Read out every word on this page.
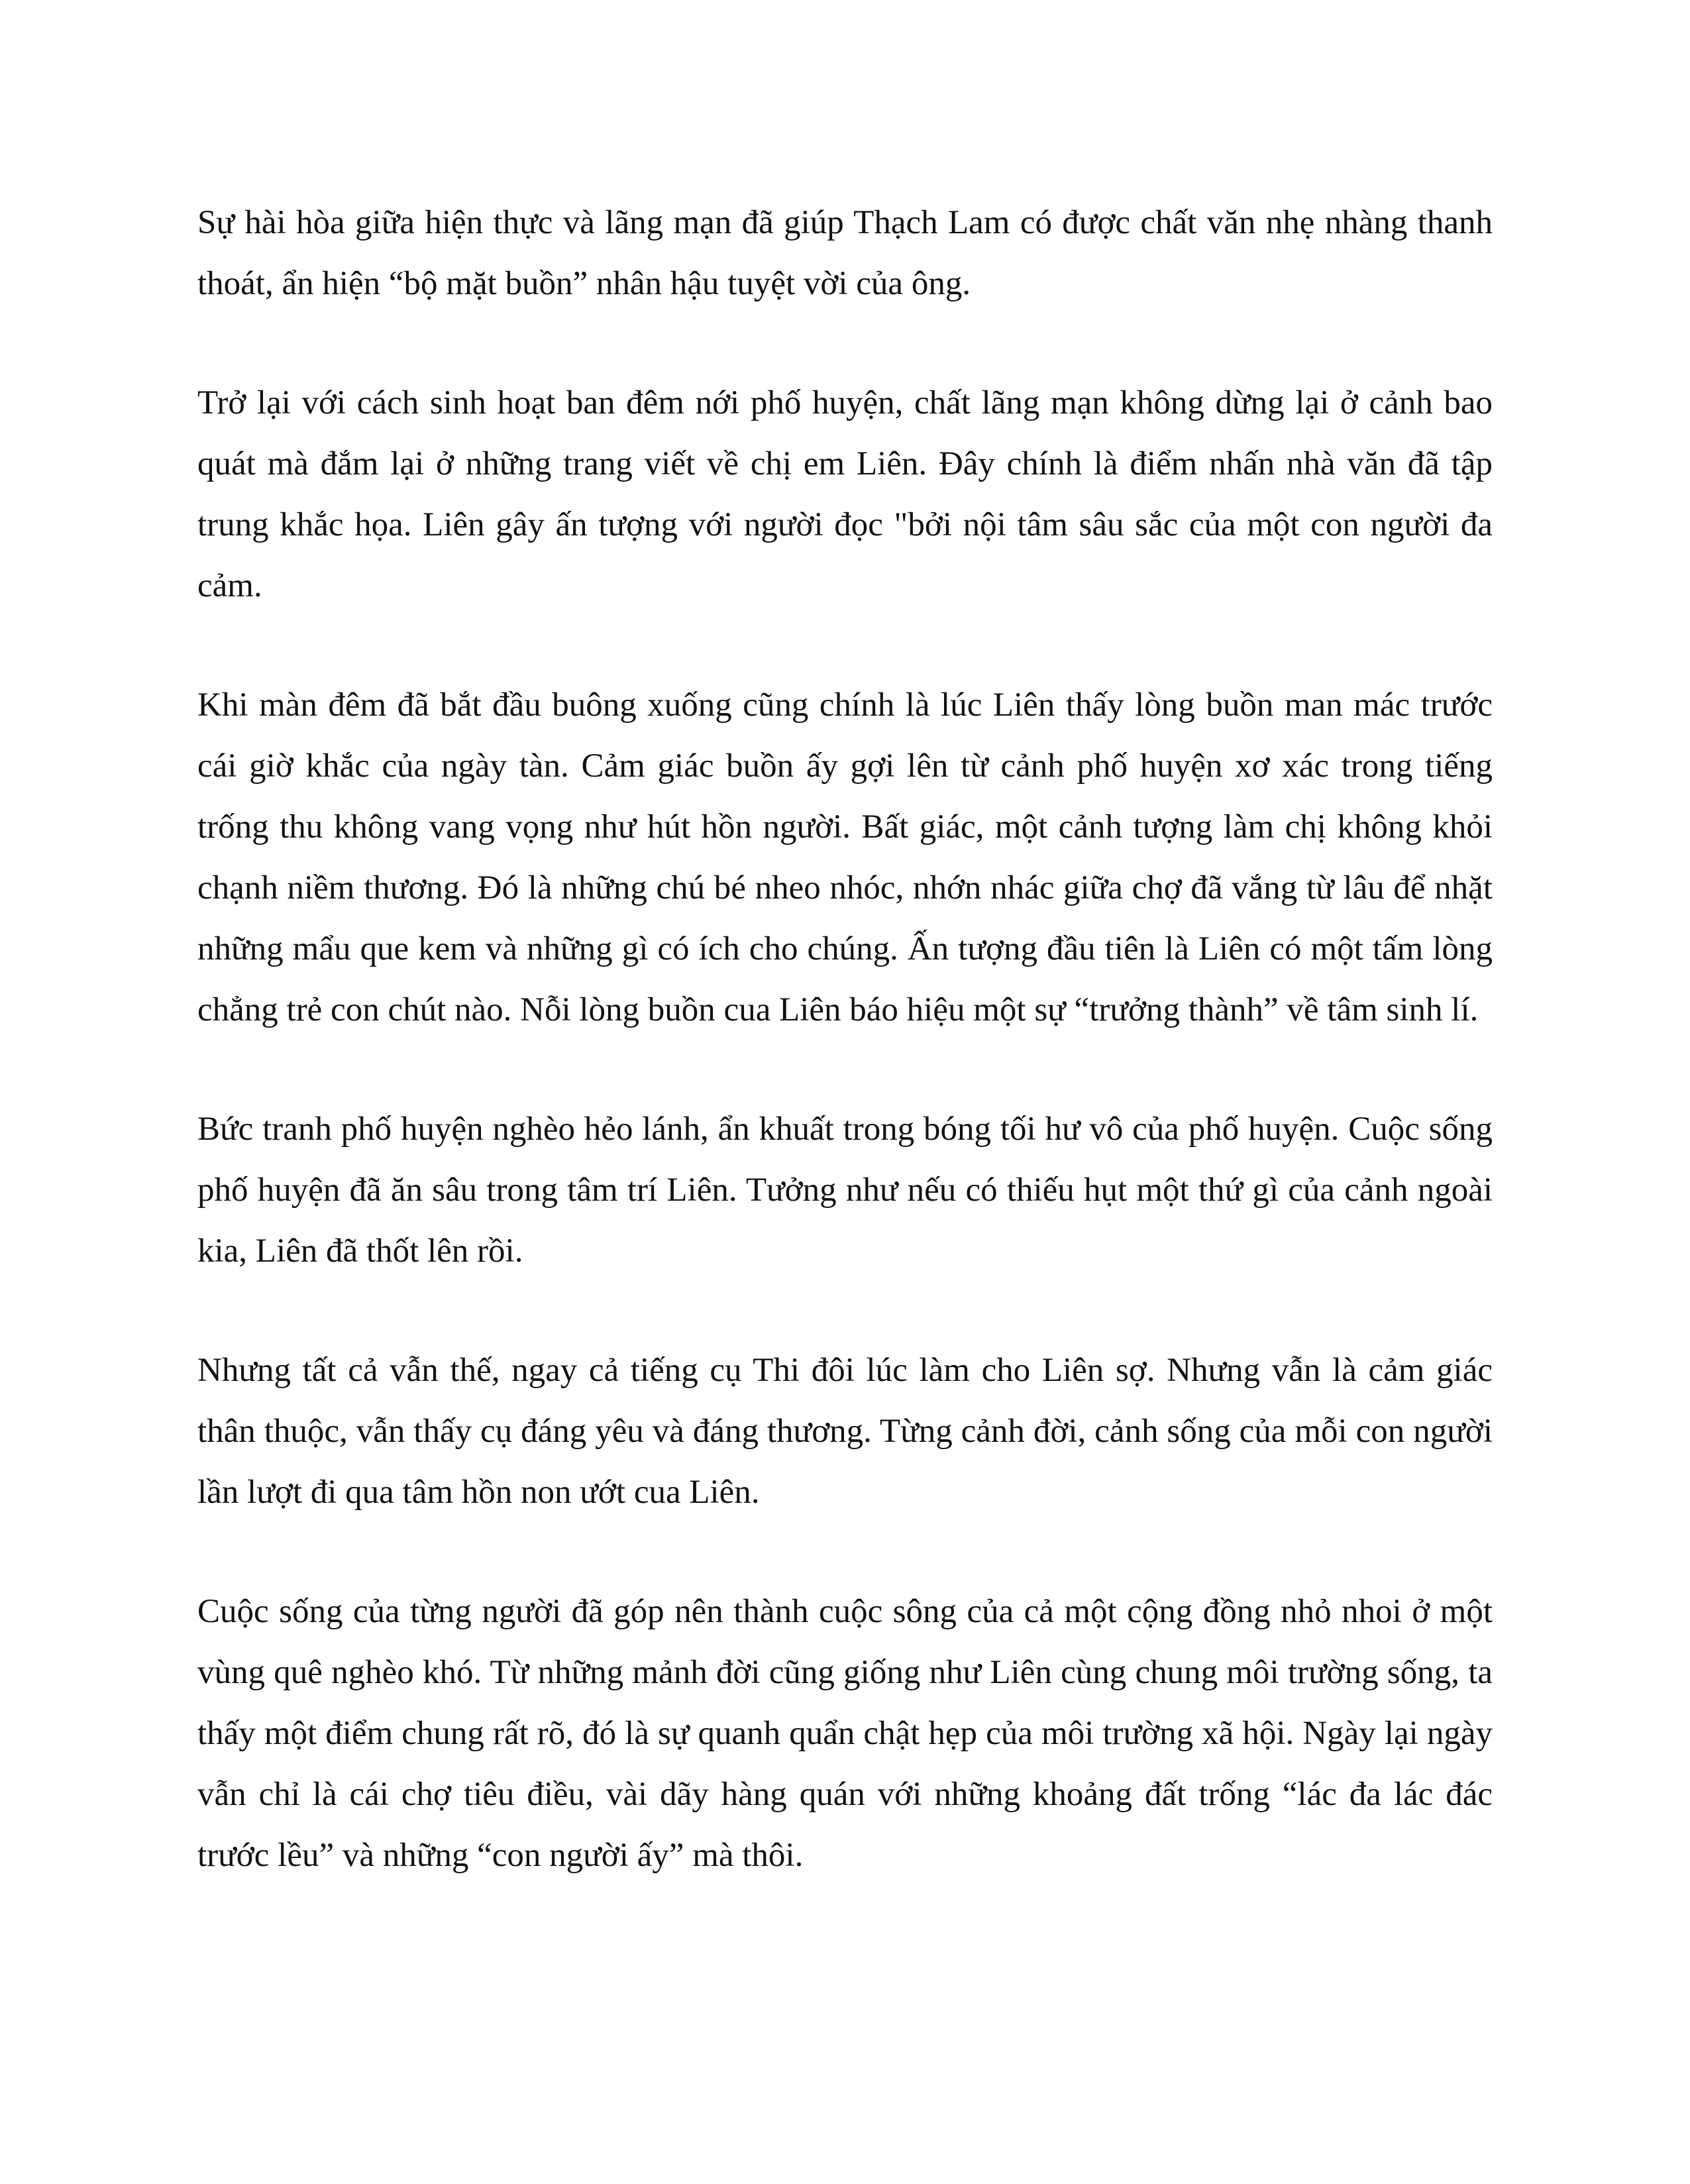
Sự hài hòa giữa hiện thực và lãng mạn đã giúp Thạch Lam có được chất văn nhẹ nhàng thanh thoát, ẩn hiện “bộ mặt buồn” nhân hậu tuyệt vời của ông.

Trở lại với cách sinh hoạt ban đêm nới phố huyện, chất lãng mạn không dừng lại ở cảnh bao quát mà đắm lại ở những trang viết về chị em Liên. Đây chính là điểm nhấn nhà văn đã tập trung khắc họa. Liên gây ấn tượng với người đọc "bởi nội tâm sâu sắc của một con người đa cảm.

Khi màn đêm đã bắt đầu buông xuống cũng chính là lúc Liên thấy lòng buồn man mác trước cái giờ khắc của ngày tàn. Cảm giác buồn ấy gợi lên từ cảnh phố huyện xơ xác trong tiếng trống thu không vang vọng như hút hồn người. Bất giác, một cảnh tượng làm chị không khỏi chạnh niềm thương. Đó là những chú bé nheo nhóc, nhớn nhác giữa chợ đã vắng từ lâu để nhặt những mẩu que kem và những gì có ích cho chúng. Ấn tượng đầu tiên là Liên có một tấm lòng chẳng trẻ con chút nào. Nỗi lòng buồn cua Liên báo hiệu một sự “trưởng thành” về tâm sinh lí.

Bức tranh phố huyện nghèo hẻo lánh, ẩn khuất trong bóng tối hư vô của phố huyện. Cuộc sống phố huyện đã ăn sâu trong tâm trí Liên. Tưởng như nếu có thiếu hụt một thứ gì của cảnh ngoài kia, Liên đã thốt lên rồi.

Nhưng tất cả vẫn thế, ngay cả tiếng cụ Thi đôi lúc làm cho Liên sợ. Nhưng vẫn là cảm giác thân thuộc, vẫn thấy cụ đáng yêu và đáng thương. Từng cảnh đời, cảnh sống của mỗi con người lần lượt đi qua tâm hồn non ướt cua Liên.

Cuộc sống của từng người đã góp nên thành cuộc sông của cả một cộng đồng nhỏ nhoi ở một vùng quê nghèo khó. Từ những mảnh đời cũng giống như Liên cùng chung môi trường sống, ta thấy một điểm chung rất rõ, đó là sự quanh quẩn chật hẹp của môi trường xã hội. Ngày lại ngày vẫn chỉ là cái chợ tiêu điều, vài dãy hàng quán với những khoảng đất trống “lác đa lác đác trước lều” và những “con người ấy” mà thôi.
